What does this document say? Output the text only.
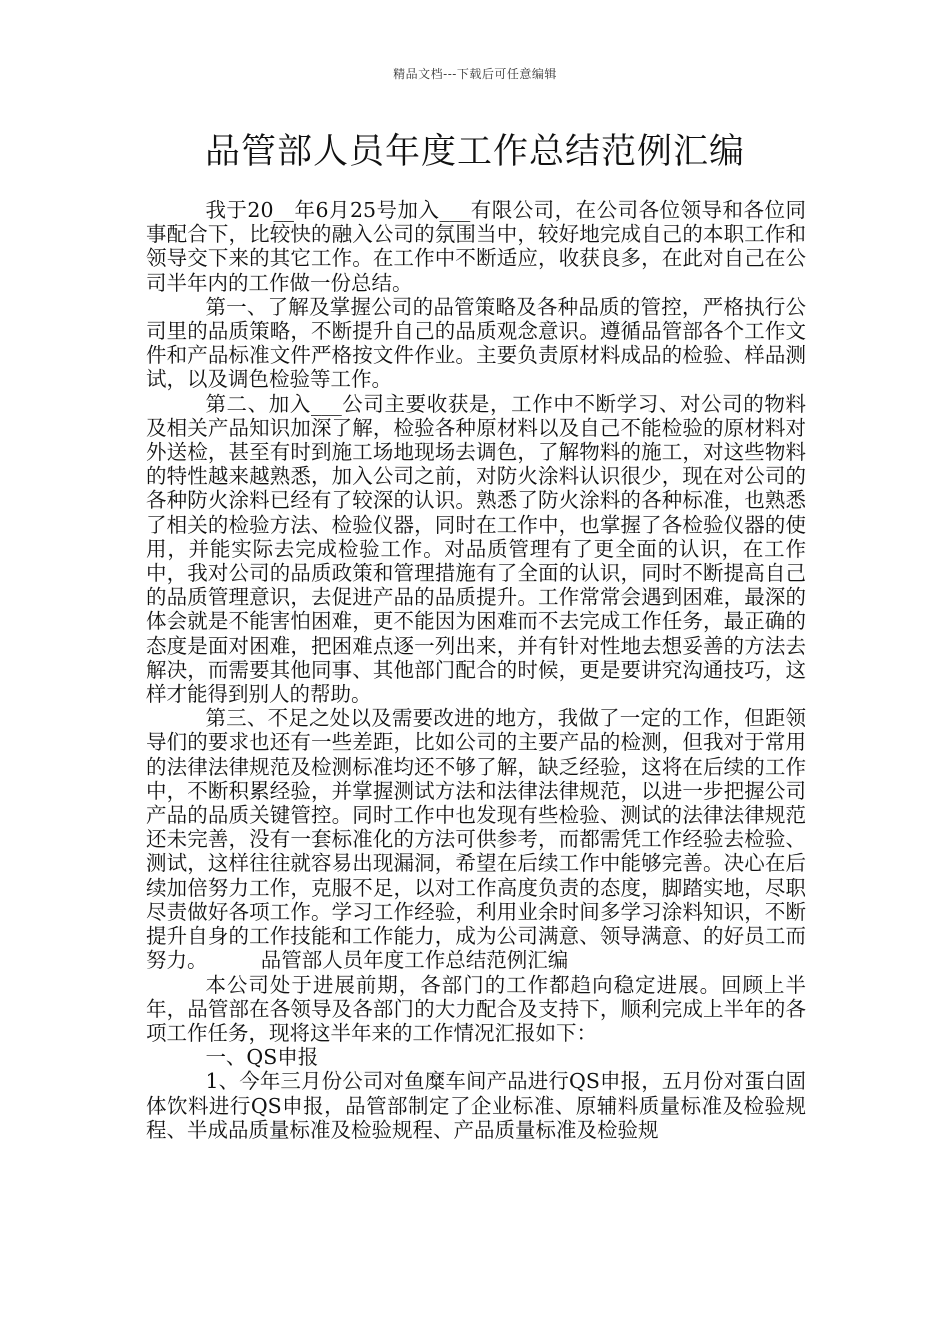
精品文档---下载后可任意编辑
品管部人员年度工作总结范例汇编

我于20__年6月25号加入___有限公司，在公司各位领导和各位同事配合下，比较快的融入公司的氛围当中，较好地完成自己的本职工作和领导交下来的其它工作。在工作中不断适应，收获良多，在此对自己在公司半年内的工作做一份总结。

第一、了解及掌握公司的品管策略及各种品质的管控，严格执行公司里的品质策略，不断提升自己的品质观念意识。遵循品管部各个工作文件和产品标准文件严格按文件作业。主要负责原材料成品的检验、样品测试，以及调色检验等工作。

第二、加入___公司主要收获是，工作中不断学习、对公司的物料及相关产品知识加深了解，检验各种原材料以及自己不能检验的原材料对外送检，甚至有时到施工场地现场去调色，了解物料的施工，对这些物料的特性越来越熟悉，加入公司之前，对防火涂料认识很少，现在对公司的各种防火涂料已经有了较深的认识。熟悉了防火涂料的各种标准，也熟悉了相关的检验方法、检验仪器，同时在工作中，也掌握了各检验仪器的使用，并能实际去完成检验工作。对品质管理有了更全面的认识，在工作中，我对公司的品质政策和管理措施有了全面的认识，同时不断提高自己的品质管理意识，去促进产品的品质提升。工作常常会遇到困难，最深的体会就是不能害怕困难，更不能因为困难而不去完成工作任务，最正确的态度是面对困难，把困难点逐一列出来，并有针对性地去想妥善的方法去解决，而需要其他同事、其他部门配合的时候，更是要讲究沟通技巧，这样才能得到别人的帮助。

第三、不足之处以及需要改进的地方，我做了一定的工作，但距领导们的要求也还有一些差距，比如公司的主要产品的检测，但我对于常用的法律法律规范及检测标准均还不够了解，缺乏经验，这将在后续的工作中，不断积累经验，并掌握测试方法和法律法律规范，以进一步把握公司产品的品质关键管控。同时工作中也发现有些检验、测试的法律法律规范还未完善，没有一套标准化的方法可供参考，而都需凭工作经验去检验、测试，这样往往就容易出现漏洞，希望在后续工作中能够完善。决心在后续加倍努力工作，克服不足，以对工作高度负责的态度，脚踏实地，尽职尽责做好各项工作。学习工作经验，利用业余时间多学习涂料知识，不断提升自身的工作技能和工作能力，成为公司满意、领导满意、的好员工而努力。	品管部人员年度工作总结范例汇编

本公司处于进展前期，各部门的工作都趋向稳定进展。回顾上半年，品管部在各领导及各部门的大力配合及支持下，顺利完成上半年的各项工作任务，现将这半年来的工作情况汇报如下：

一、QS申报

1、今年三月份公司对鱼糜车间产品进行QS申报，五月份对蛋白固体饮料进行QS申报，品管部制定了企业标准、原辅料质量标准及检验规程、半成品质量标准及检验规程、产品质量标准及检验规
